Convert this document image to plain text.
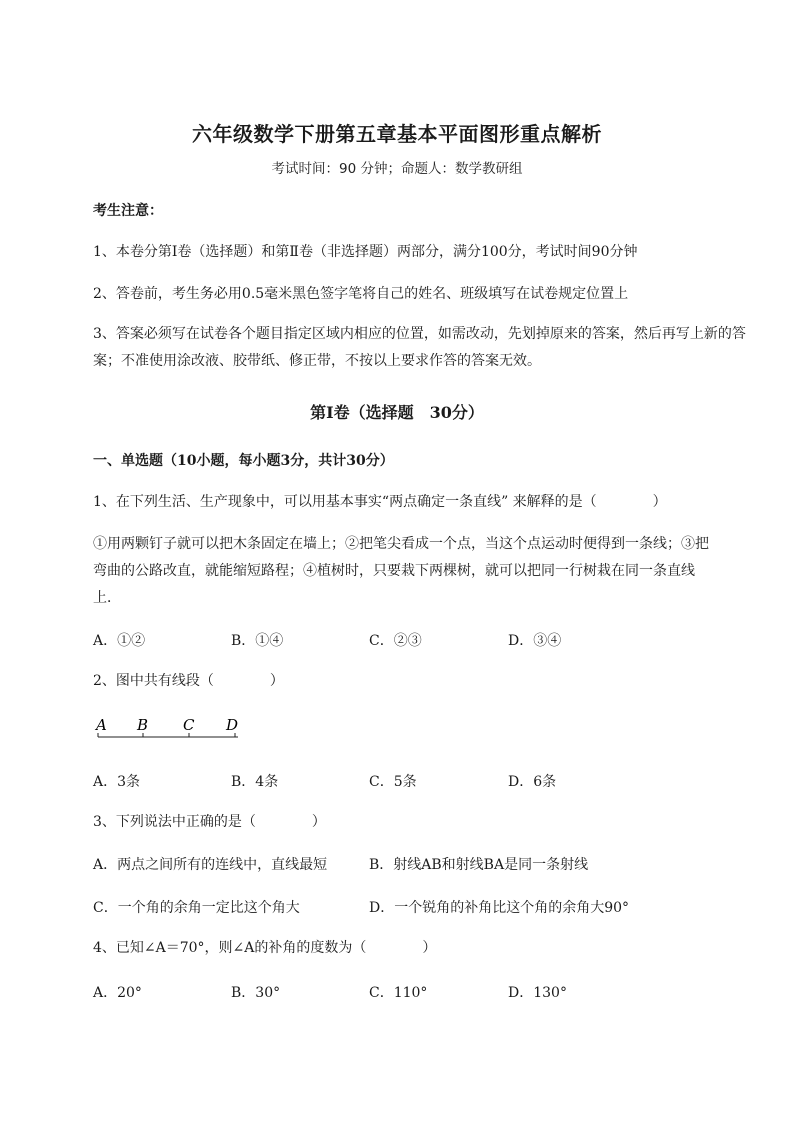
六年级数学下册第五章基本平面图形重点解析
考试时间：90 分钟；命题人：数学教研组
考生注意：
1、本卷分第Ⅰ卷（选择题）和第Ⅱ卷（非选择题）两部分，满分100分，考试时间90分钟
2、答卷前，考生务必用0.5毫米黑色签字笔将自己的姓名、班级填写在试卷规定位置上
3、答案必须写在试卷各个题目指定区域内相应的位置，如需改动，先划掉原来的答案，然后再写上新的答案；不准使用涂改液、胶带纸、修正带，不按以上要求作答的答案无效。
第Ⅰ卷（选择题　30分）
一、单选题（10小题，每小题3分，共计30分）
1、在下列生活、生产现象中，可以用基本事实“两点确定一条直线” 来解释的是（　　　　）
①用两颗钉子就可以把木条固定在墙上；②把笔尖看成一个点，当这个点运动时便得到一条线；③把
弯曲的公路改直，就能缩短路程；④植树时，只要栽下两棵树，就可以把同一行树栽在同一条直线
上．
A．①②	B．①④	C．②③	D．③④
2、图中共有线段（　　　　）
A B C D
A．3条	B．4条	C．5条	D．6条
3、下列说法中正确的是（　　　　）
A．两点之间所有的连线中，直线最短	B．射线AB和射线BA是同一条射线
C．一个角的余角一定比这个角大	D．一个锐角的补角比这个角的余角大90°
4、已知∠A＝70°，则∠A的补角的度数为（　　　　）
A．20°	B．30°	C．110°	D．130°
